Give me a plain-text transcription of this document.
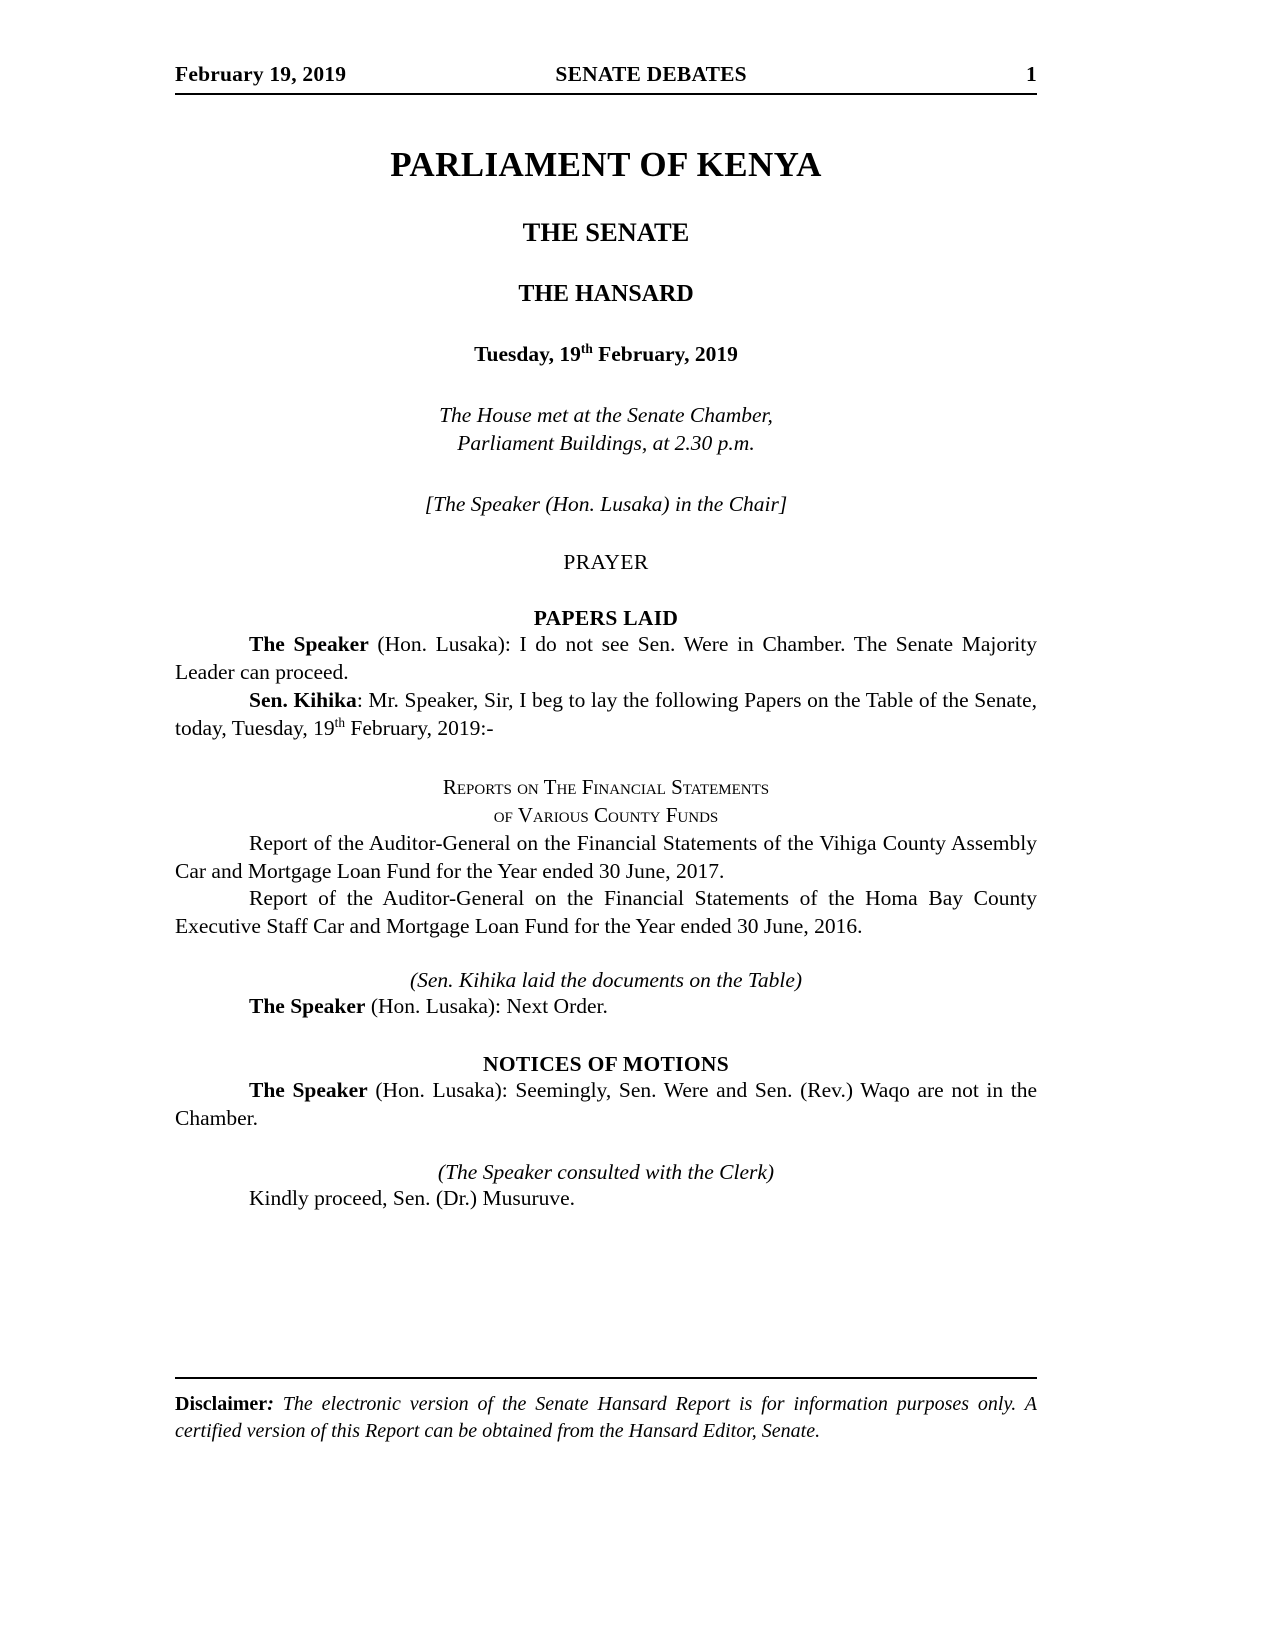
February 19, 2019	SENATE DEBATES	1
PARLIAMENT OF KENYA
THE SENATE
THE HANSARD
Tuesday, 19th February, 2019
The House met at the Senate Chamber,
Parliament Buildings, at 2.30 p.m.
[The Speaker (Hon. Lusaka) in the Chair]
PRAYER
PAPERS LAID

The Speaker (Hon. Lusaka): I do not see Sen. Were in Chamber. The Senate Majority Leader can proceed.

Sen. Kihika: Mr. Speaker, Sir, I beg to lay the following Papers on the Table of the Senate, today, Tuesday, 19th February, 2019:-

Reports on The Financial Statements
of Various County Funds

Report of the Auditor-General on the Financial Statements of the Vihiga County Assembly Car and Mortgage Loan Fund for the Year ended 30 June, 2017.

Report of the Auditor-General on the Financial Statements of the Homa Bay County Executive Staff Car and Mortgage Loan Fund for the Year ended 30 June, 2016.

(Sen. Kihika laid the documents on the Table)

The Speaker (Hon. Lusaka): Next Order.

NOTICES OF MOTIONS

The Speaker (Hon. Lusaka): Seemingly, Sen. Were and Sen. (Rev.) Waqo are not in the Chamber.

(The Speaker consulted with the Clerk)

Kindly proceed, Sen. (Dr.) Musuruve.

Disclaimer: The electronic version of the Senate Hansard Report is for information purposes only. A certified version of this Report can be obtained from the Hansard Editor, Senate.
